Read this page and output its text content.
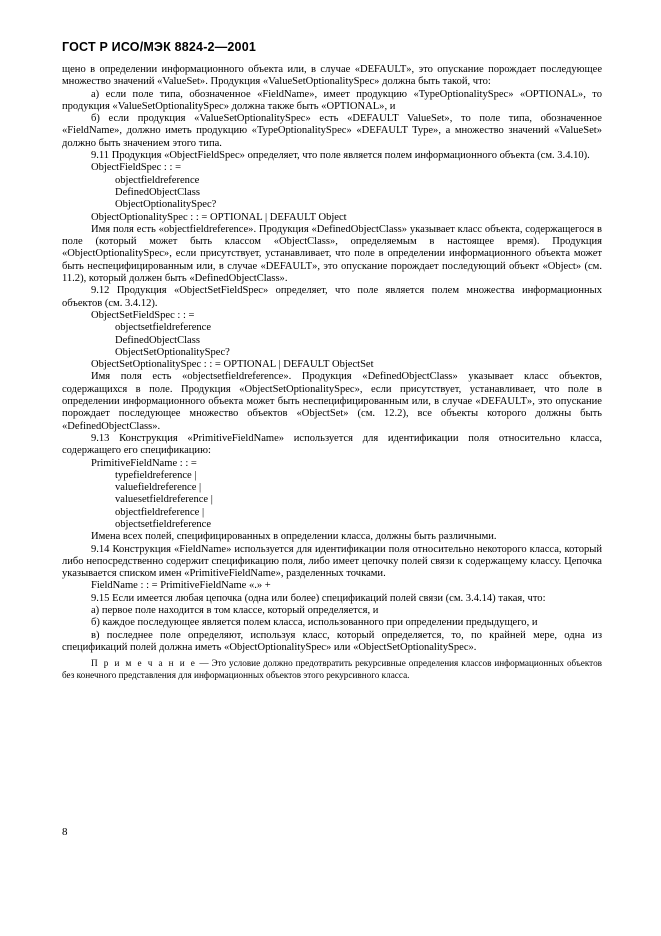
ГОСТ Р ИСО/МЭК 8824-2—2001

щено в определении информационного объекта или, в случае «DEFAULT», это опускание порождает последующее множество значений «ValueSet». Продукция «ValueSetOptionalitySpec» должна быть такой, что:

а) если поле типа, обозначенное «FieldName», имеет продукцию «TypeOptionalitySpec» «OPTIONAL», то продукция «ValueSetOptionalitySpec» должна также быть «OPTIONAL», и

б) если продукция «ValueSetOptionalitySpec» есть «DEFAULT ValueSet», то поле типа, обозначенное «FieldName», должно иметь продукцию «TypeOptionalitySpec» «DEFAULT Type», а множество значений «ValueSet» должно быть значением этого типа.

9.11 Продукция «ObjectFieldSpec» определяет, что поле является полем информационного объекта (см. 3.4.10).

ObjectFieldSpec : : =

objectfieldreference

DefinedObjectClass

ObjectOptionalitySpec?

ObjectOptionalitySpec : : = OPTIONAL | DEFAULT Object

Имя поля есть «objectfieldreference». Продукция «DefinedObjectClass» указывает класс объекта, содержащегося в поле (который может быть классом «ObjectClass», определяемым в настоящее время). Продукция «ObjectOptionalitySpec», если присутствует, устанавливает, что поле в определении информационного объекта может быть неспецифицированным или, в случае «DEFAULT», это опускание порождает последующий объект «Object» (см. 11.2), который должен быть «DefinedObjectClass».

9.12 Продукция «ObjectSetFieldSpec» определяет, что поле является полем множества информационных объектов (см. 3.4.12).

ObjectSetFieldSpec : : =

objectsetfieldreference

DefinedObjectClass

ObjectSetOptionalitySpec?

ObjectSetOptionalitySpec : : = OPTIONAL | DEFAULT ObjectSet

Имя поля есть «objectsetfieldreference». Продукция «DefinedObjectClass» указывает класс объектов, содержащихся в поле. Продукция «ObjectSetOptionalitySpec», если присутствует, устанавливает, что поле в определении информационного объекта может быть неспецифицированным или, в случае «DEFAULT», это опускание порождает последующее множество объектов «ObjectSet» (см. 12.2), все объекты которого должны быть «DefinedObjectClass».

9.13 Конструкция «PrimitiveFieldName» используется для идентификации поля относительно класса, содержащего его спецификацию:

PrimitiveFieldName : : =

typefieldreference |

valuefieldreference |

valuesetfieldreference |

objectfieldreference |

objectsetfieldreference

Имена всех полей, специфицированных в определении класса, должны быть различными.

9.14 Конструкция «FieldName» используется для идентификации поля относительно некоторого класса, который либо непосредственно содержит спецификацию поля, либо имеет цепочку полей связи к содержащему классу. Цепочка указывается списком имен «PrimitiveFieldName», разделенных точками.

FieldName : : = PrimitiveFieldName «.» +

9.15 Если имеется любая цепочка (одна или более) спецификаций полей связи (см. 3.4.14) такая, что:

а) первое поле находится в том классе, который определяется, и

б) каждое последующее является полем класса, использованного при определении предыдущего, и

в) последнее поле определяют, используя класс, который определяется, то, по крайней мере, одна из спецификаций полей должна иметь «ObjectOptionalitySpec» или «ObjectSetOptionalitySpec».

П р и м е ч а н и е — Это условие должно предотвратить рекурсивные определения классов информационных объектов без конечного представления для информационных объектов этого рекурсивного класса.

8
